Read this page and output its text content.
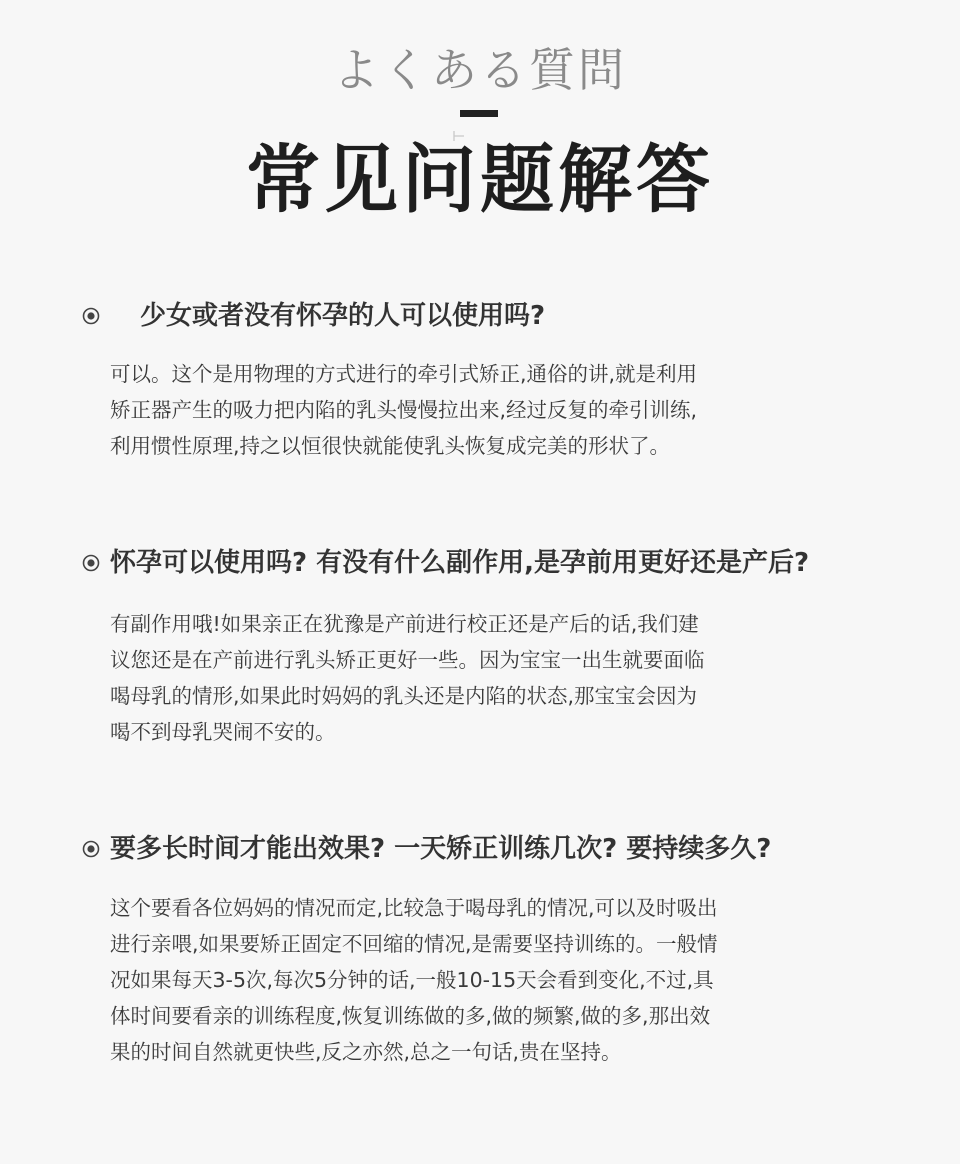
よくある質問
常见问题解答
少女或者没有怀孕的人可以使用吗?
可以。这个是用物理的方式进行的牵引式矫正,通俗的讲,就是利用
矫正器产生的吸力把内陷的乳头慢慢拉出来,经过反复的牵引训练,
利用惯性原理,持之以恒很快就能使乳头恢复成完美的形状了。
怀孕可以使用吗? 有没有什么副作用,是孕前用更好还是产后?
有副作用哦!如果亲正在犹豫是产前进行校正还是产后的话,我们建
议您还是在产前进行乳头矫正更好一些。因为宝宝一出生就要面临
喝母乳的情形,如果此时妈妈的乳头还是内陷的状态,那宝宝会因为
喝不到母乳哭闹不安的。
要多长时间才能出效果? 一天矫正训练几次? 要持续多久?
这个要看各位妈妈的情况而定,比较急于喝母乳的情况,可以及时吸出
进行亲喂,如果要矫正固定不回缩的情况,是需要坚持训练的。一般情
况如果每天3-5次,每次5分钟的话,一般10-15天会看到变化,不过,具
体时间要看亲的训练程度,恢复训练做的多,做的频繁,做的多,那出效
果的时间自然就更快些,反之亦然,总之一句话,贵在坚持。
